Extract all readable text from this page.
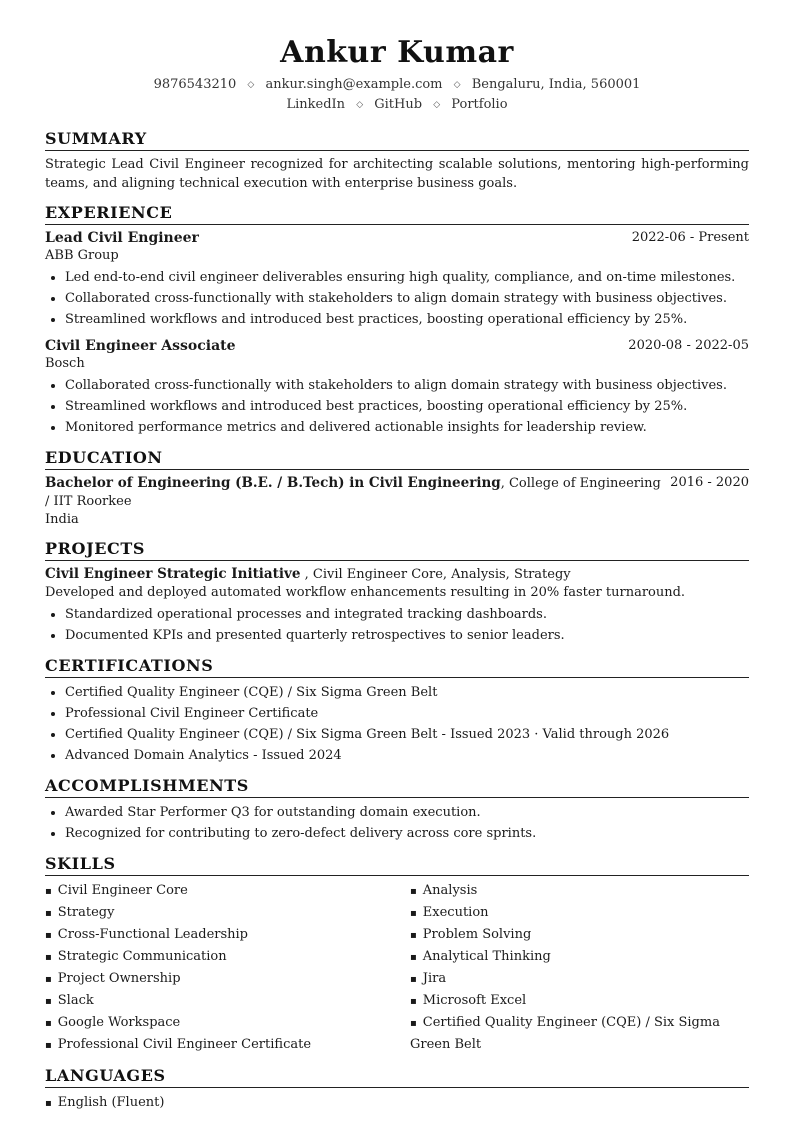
Ankur Kumar
9876543210 ◇ ankur.singh@example.com ◇ Bengaluru, India, 560001
LinkedIn ◇ GitHub ◇ Portfolio
SUMMARY
Strategic Lead Civil Engineer recognized for architecting scalable solutions, mentoring high-performing teams, and aligning technical execution with enterprise business goals.
EXPERIENCE
Lead Civil Engineer	2022-06 - Present
ABB Group
• Led end-to-end civil engineer deliverables ensuring high quality, compliance, and on-time milestones.
• Collaborated cross-functionally with stakeholders to align domain strategy with business objectives.
• Streamlined workflows and introduced best practices, boosting operational efficiency by 25%.
Civil Engineer Associate	2020-08 - 2022-05
Bosch
• Collaborated cross-functionally with stakeholders to align domain strategy with business objectives.
• Streamlined workflows and introduced best practices, boosting operational efficiency by 25%.
• Monitored performance metrics and delivered actionable insights for leadership review.
EDUCATION
Bachelor of Engineering (B.E. / B.Tech) in Civil Engineering, College of Engineering / IIT Roorkee
2016 - 2020
India
PROJECTS
Civil Engineer Strategic Initiative , Civil Engineer Core, Analysis, Strategy
Developed and deployed automated workflow enhancements resulting in 20% faster turnaround.
• Standardized operational processes and integrated tracking dashboards.
• Documented KPIs and presented quarterly retrospectives to senior leaders.
CERTIFICATIONS
• Certified Quality Engineer (CQE) / Six Sigma Green Belt
• Professional Civil Engineer Certificate
• Certified Quality Engineer (CQE) / Six Sigma Green Belt - Issued 2023 · Valid through 2026
• Advanced Domain Analytics - Issued 2024
ACCOMPLISHMENTS
• Awarded Star Performer Q3 for outstanding domain execution.
• Recognized for contributing to zero-defect delivery across core sprints.
SKILLS
▪ Civil Engineer Core
▪ Strategy
▪ Cross-Functional Leadership
▪ Strategic Communication
▪ Project Ownership
▪ Slack
▪ Google Workspace
▪ Professional Civil Engineer Certificate
▪ Analysis
▪ Execution
▪ Problem Solving
▪ Analytical Thinking
▪ Jira
▪ Microsoft Excel
▪ Certified Quality Engineer (CQE) / Six Sigma Green Belt
LANGUAGES
▪ English (Fluent)
